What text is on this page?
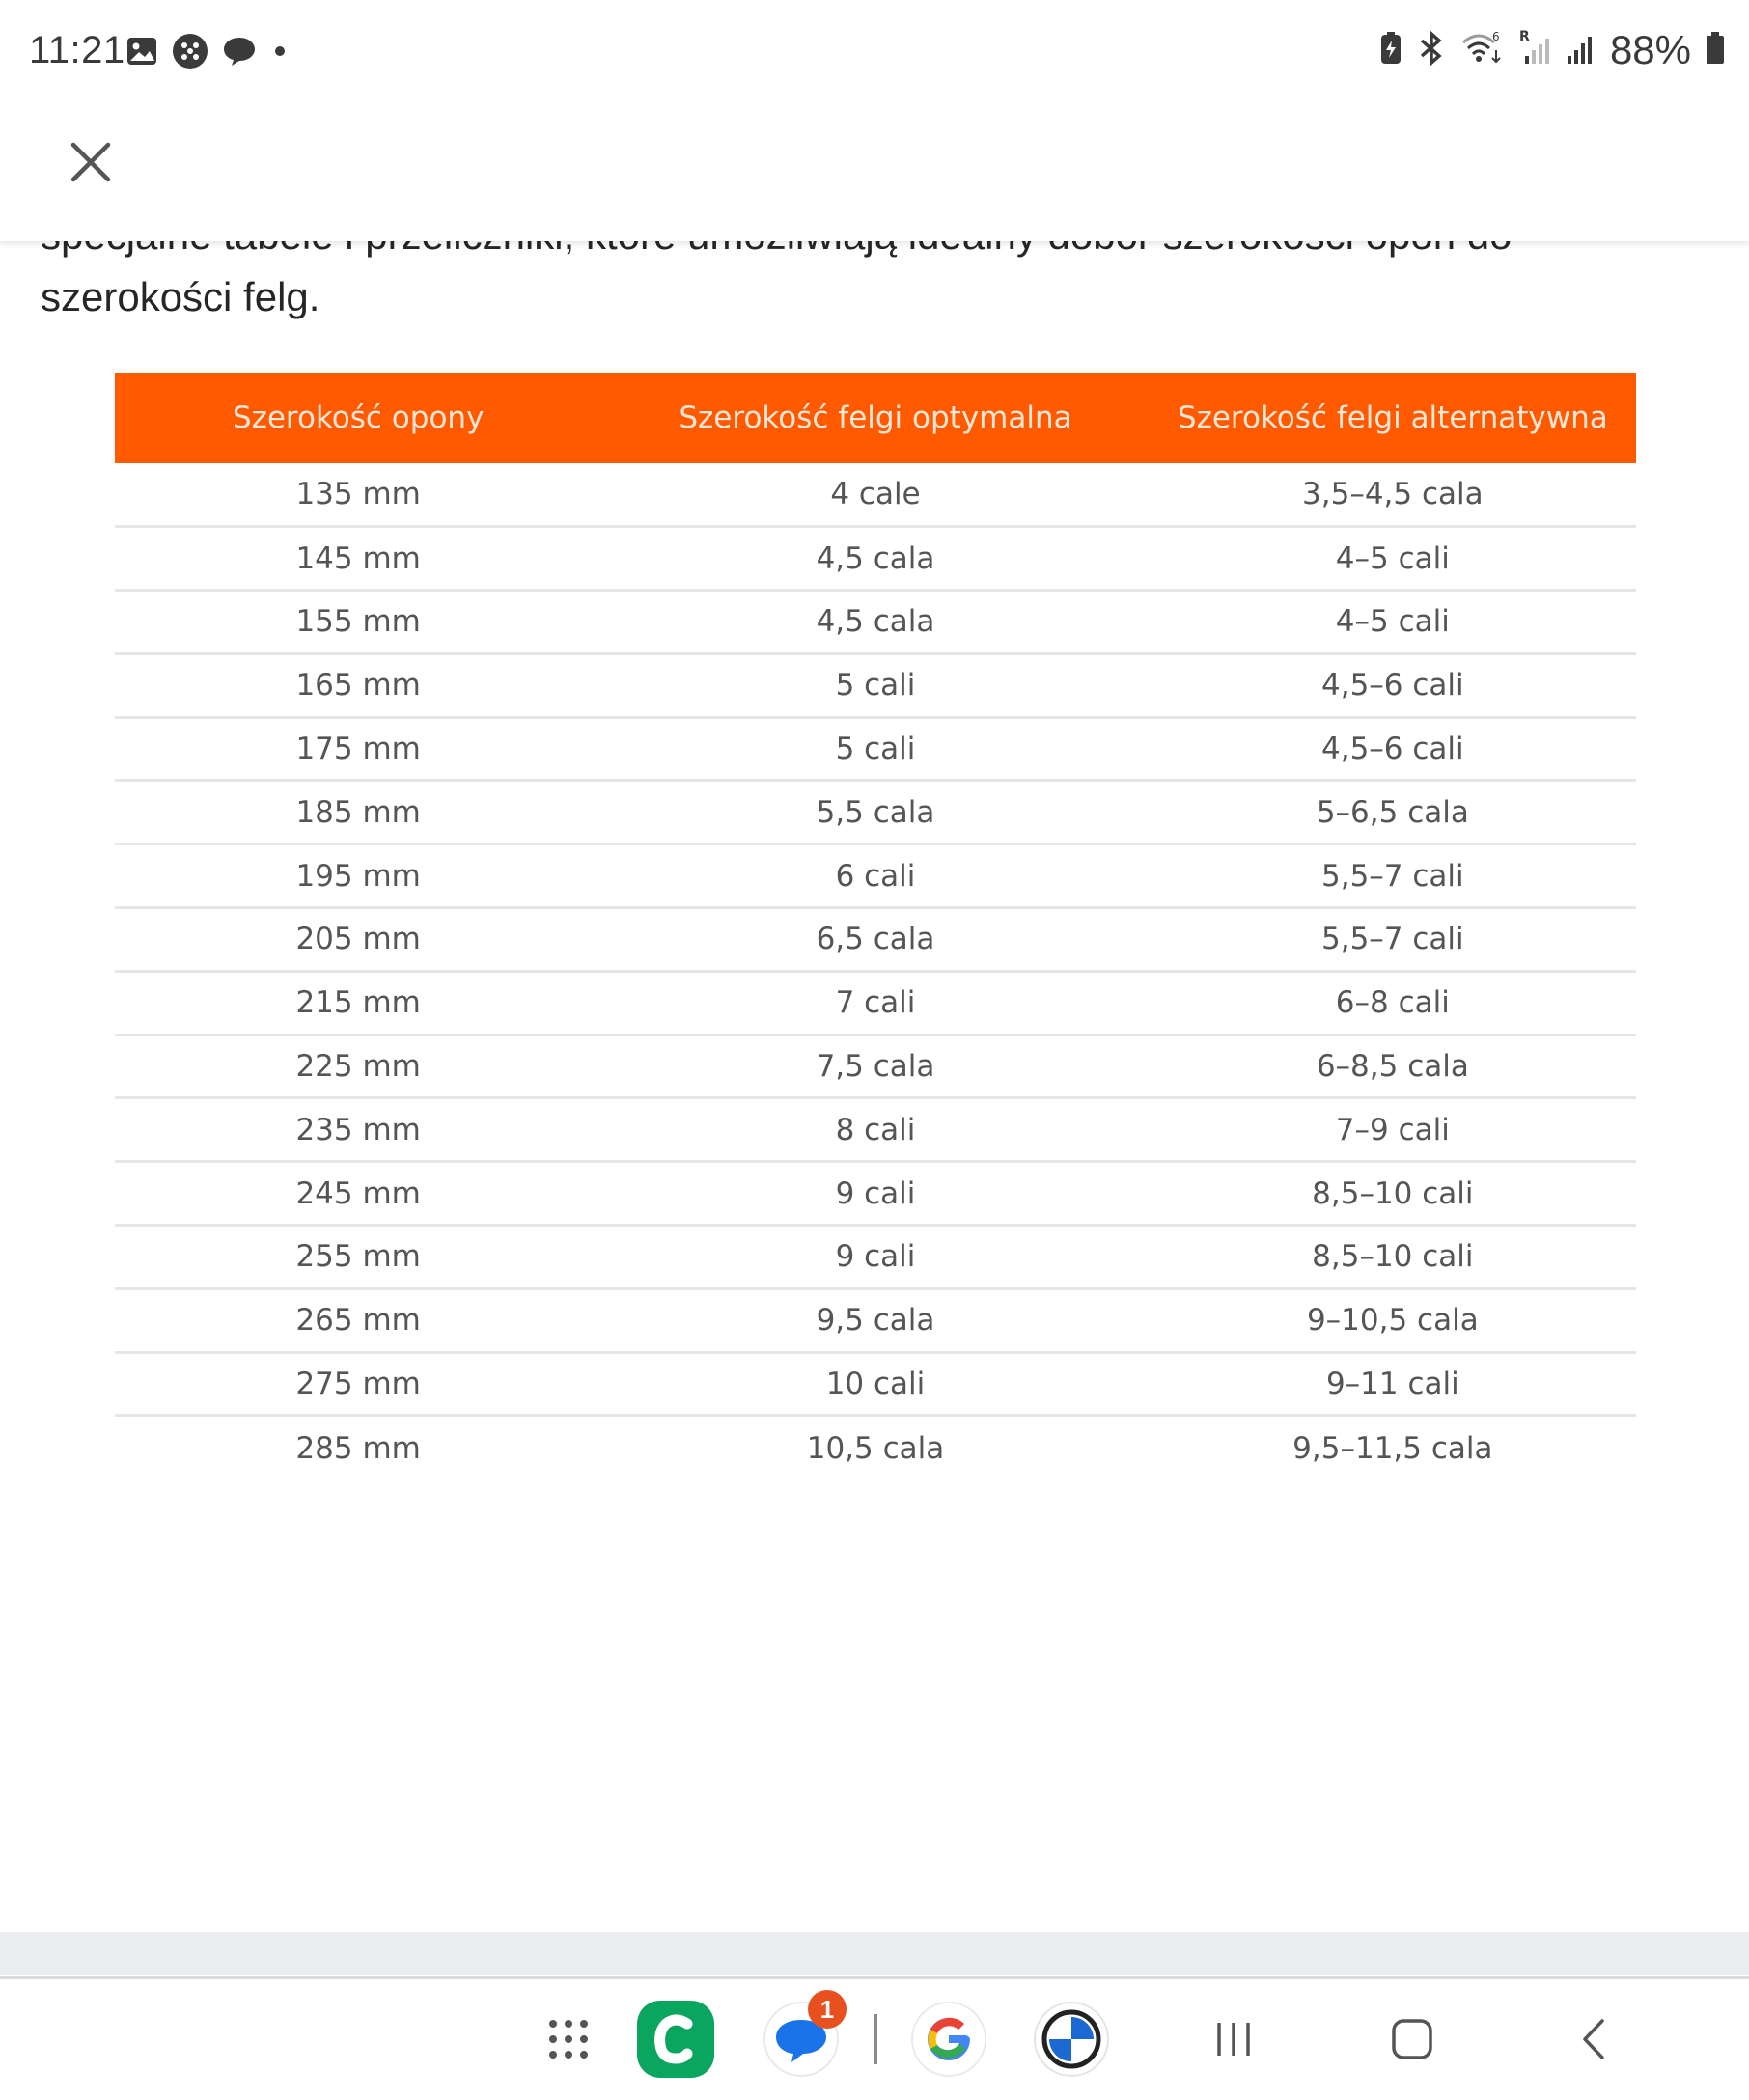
11:21	6 R 88%
szerokości felg.
Szerokość opony	Szerokość felgi optymalna	Szerokość felgi alternatywna
135 mm	4 cale	3,5–4,5 cala
145 mm	4,5 cala	4–5 cali
155 mm	4,5 cala	4–5 cali
165 mm	5 cali	4,5–6 cali
175 mm	5 cali	4,5–6 cali
185 mm	5,5 cala	5–6,5 cala
195 mm	6 cali	5,5–7 cali
205 mm	6,5 cala	5,5–7 cali
215 mm	7 cali	6–8 cali
225 mm	7,5 cala	6–8,5 cala
235 mm	8 cali	7–9 cali
245 mm	9 cali	8,5–10 cali
255 mm	9 cali	8,5–10 cali
265 mm	9,5 cala	9–10,5 cala
275 mm	10 cali	9–11 cali
285 mm	10,5 cala	9,5–11,5 cala
1
